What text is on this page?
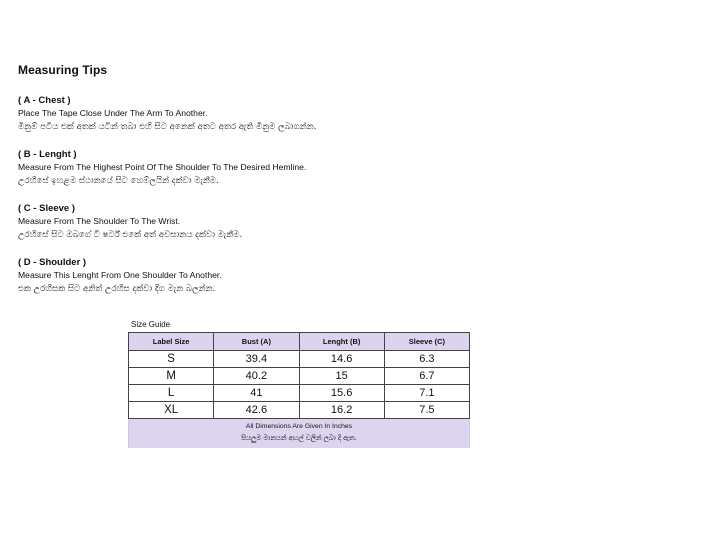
Measuring Tips
( A - Chest )
Place The Tape Close Under The Arm To Another.
මිනුම් පටිය එක් අතක් යටින් තබා එහි සිට අනෙක් අතට අතර ඇති මිනුම ලබාගන්න.
( B - Lenght )
Measure From The Highest Point Of The Shoulder To The Desired Hemline.
උරහිසේ ඉහළම ස්ථානයේ සිට හෙම්ලයින් දක්වා මැනීම.
( C - Sleeve )
Measure From The Shoulder To The Wrist.
උරහිසේ සිට ඔබගේ ටී ෂර්ට් එකේ අත් අවසානය දක්වා මැනීම.
( D - Shoulder )
Measure This Lenght From One Shoulder To Another.
එක උරහිසක සිට අනිත් උරහිස දක්වා දිග මැන බලන්න.
Size Guide
Label Size	Bust (A)	Lenght (B)	Sleeve (C)
S	39.4	14.6	6.3
M	40.2	15	6.7
L	41	15.6	7.1
XL	42.6	16.2	7.5
All Dimensions Are Given In Inches
සියලුම මානයන් අඟල් වලින් ලබා දී ඇත.
